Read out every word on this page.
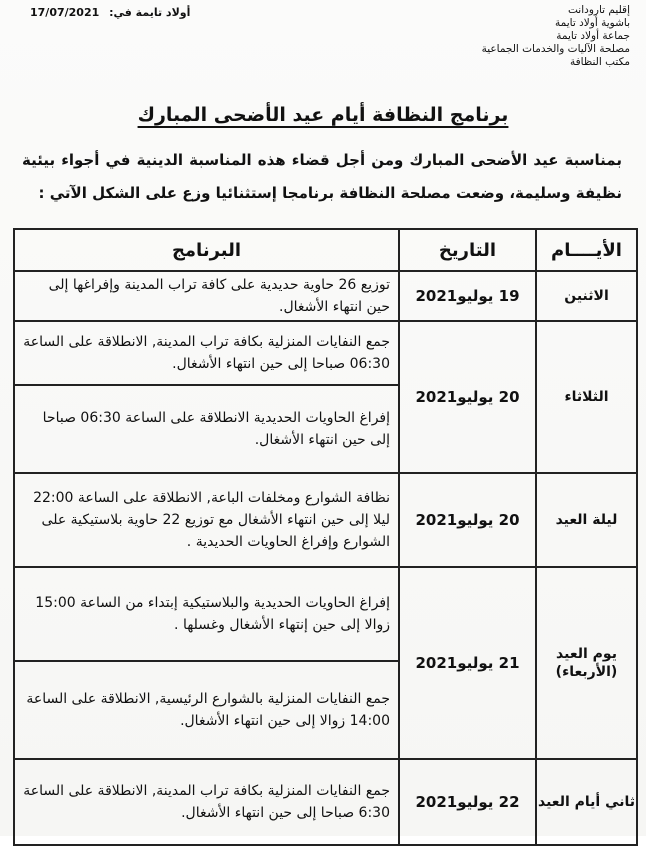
إقليم تارودانت
باشوية أولاد تايمة
جماعة أولاد تايمة
مصلحة الآليات والخدمات الجماعية
مكتب النظافة
أولاد تايمة في: 17/07/2021
برنامج النظافة أيام عيد الأضحى المبارك
بمناسبة عيد الأضحى المبارك ومن أجل قضاء هذه المناسبة الدينية في أجواء بيئية نظيفة وسليمة، وضعت مصلحة النظافة برنامجا إستثنائيا وزع على الشكل الآتي :
الأيــــام	التاريخ	البرنامج
الاثنين	19 يوليو2021	توزيع 26 حاوية حديدية على كافة تراب المدينة وإفراغها إلى حين انتهاء الأشغال.
الثلاثاء	20 يوليو2021	جمع النفايات المنزلية بكافة تراب المدينة, الانطلاقة على الساعة 06:30 صباحا إلى حين انتهاء الأشغال.
		إفراغ الحاويات الحديدية الانطلاقة على الساعة 06:30 صباحا إلى حين انتهاء الأشغال.
ليلة العيد	20 يوليو2021	نظافة الشوارع ومخلفات الباعة, الانطلاقة على الساعة 22:00 ليلا إلى حين انتهاء الأشغال مع توزيع 22 حاوية بلاستيكية على الشوارع وإفراغ الحاويات الحديدية .
يوم العيد (الأربعاء)	21 يوليو2021	إفراغ الحاويات الحديدية والبلاستيكية إبتداء من الساعة 15:00 زوالا إلى حين إنتهاء الأشغال وغسلها .
		جمع النفايات المنزلية بالشوارع الرئيسية, الانطلاقة على الساعة 14:00 زوالا إلى حين انتهاء الأشغال.
ثاني أيام العيد	22 يوليو2021	جمع النفايات المنزلية بكافة تراب المدينة, الانطلاقة على الساعة 6:30 صباحا إلى حين انتهاء الأشغال.
